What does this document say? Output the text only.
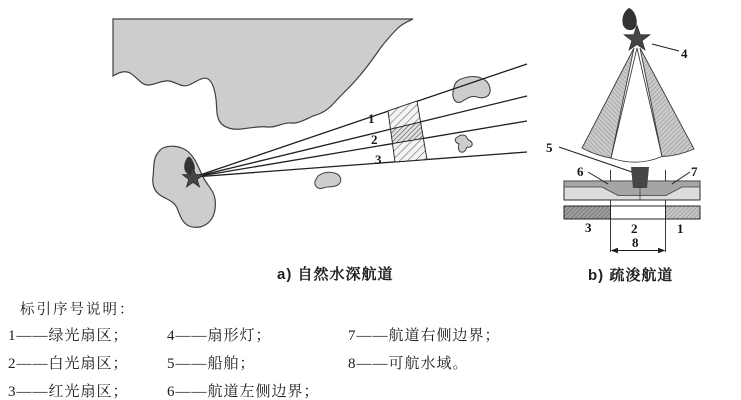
1
2
3
4
5
6	7
3	2	1
8
a) 自然水深航道	b) 疏浚航道
标引序号说明：
1——绿光扇区；
2——白光扇区；
3——红光扇区；
4——扇形灯；
5——船舶；
6——航道左侧边界；
7——航道右侧边界；
8——可航水域。
